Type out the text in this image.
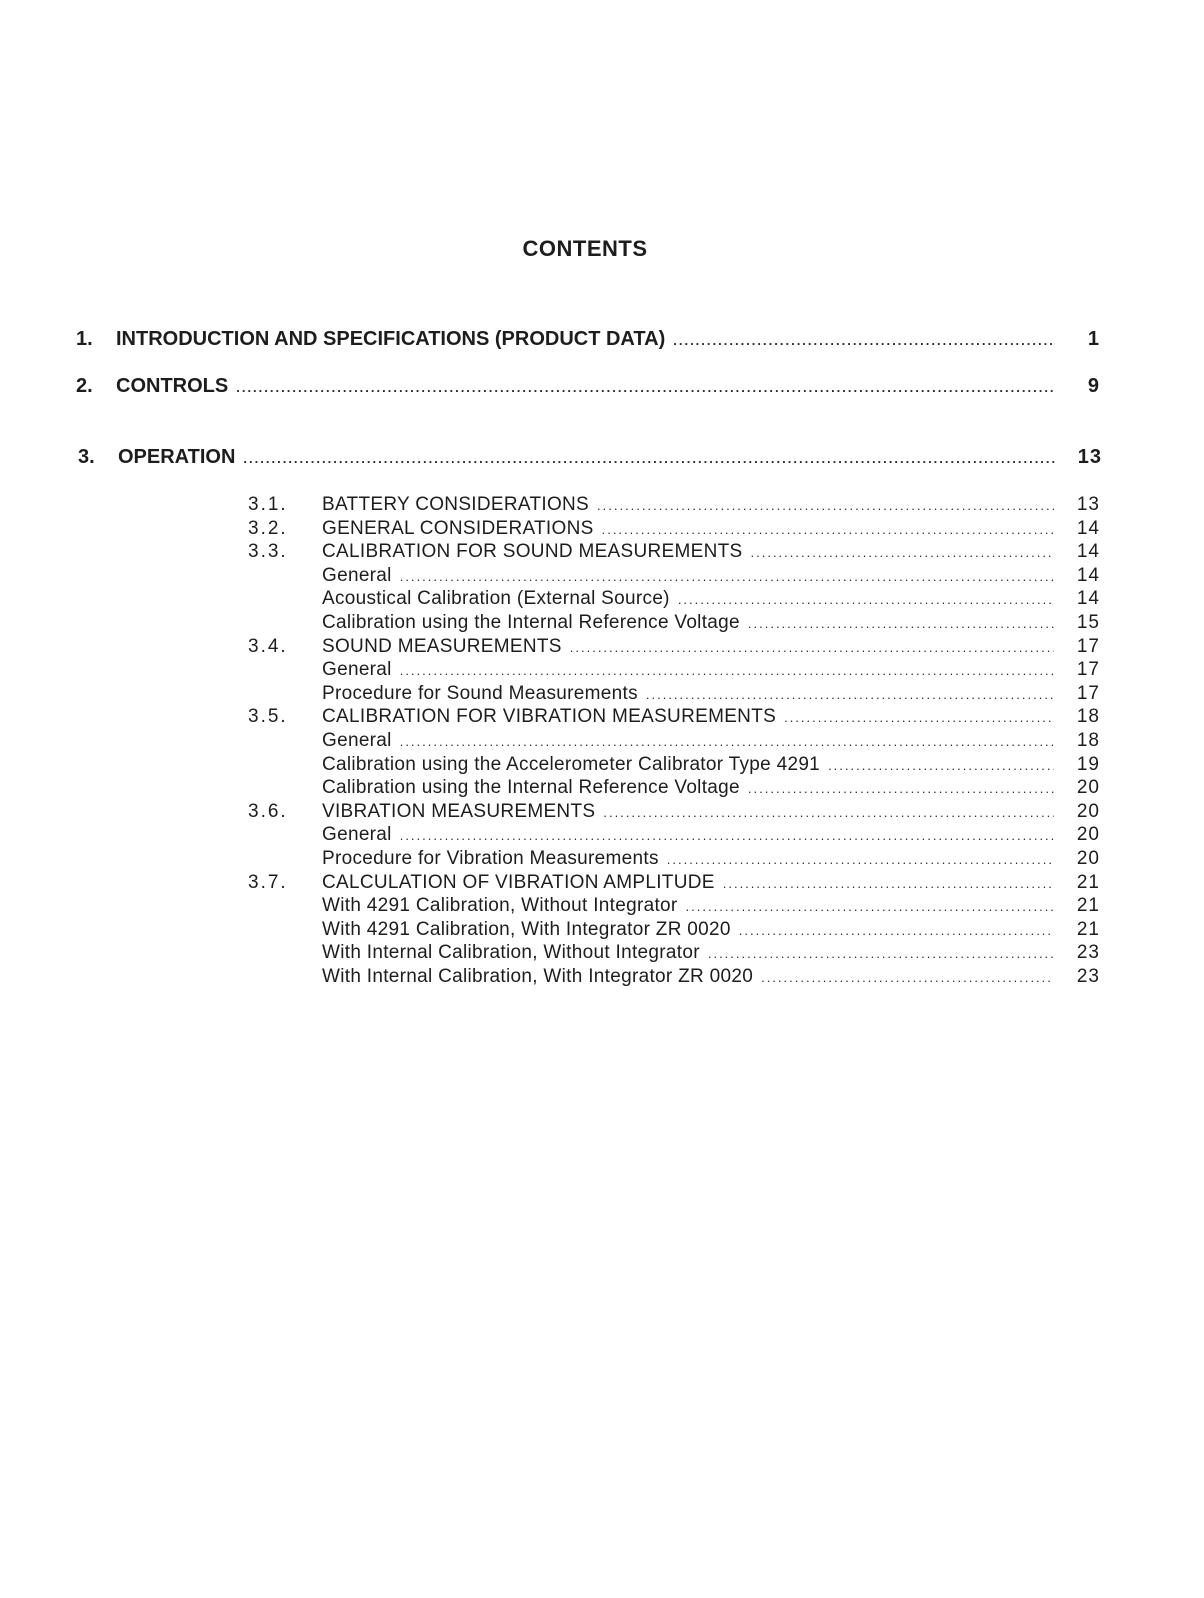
CONTENTS
1.	INTRODUCTION AND SPECIFICATIONS (PRODUCT DATA) .....	1
2.	CONTROLS .....	9
3.	OPERATION .....	13
3.1.	BATTERY CONSIDERATIONS .....	13
3.2.	GENERAL CONSIDERATIONS .....	14
3.3.	CALIBRATION FOR SOUND MEASUREMENTS .....	14
General .....	14
Acoustical Calibration (External Source) .....	14
Calibration using the Internal Reference Voltage .....	15
3.4.	SOUND MEASUREMENTS .....	17
General .....	17
Procedure for Sound Measurements .....	17
3.5.	CALIBRATION FOR VIBRATION MEASUREMENTS .....	18
General .....	18
Calibration using the Accelerometer Calibrator Type 4291 .....	19
Calibration using the Internal Reference Voltage .....	20
3.6.	VIBRATION MEASUREMENTS .....	20
General .....	20
Procedure for Vibration Measurements .....	20
3.7.	CALCULATION OF VIBRATION AMPLITUDE .....	21
With 4291 Calibration, Without Integrator .....	21
With 4291 Calibration, With Integrator ZR 0020 .....	21
With Internal Calibration, Without Integrator .....	23
With Internal Calibration, With Integrator ZR 0020 .....	23
